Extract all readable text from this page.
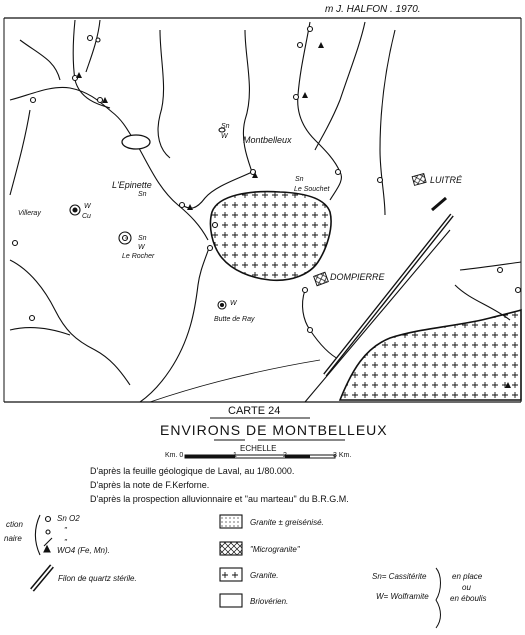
m J. HALFON . 1970.
Sn
W Montbelleux
L'Epinette
Sn
Villeray
W
Cu
Sn
W
Le Rocher
Sn
Le Souchet
LUITRÉ
DOMPIERRE
W
Butte de Ray
CARTE 24
ENVIRONS DE MONTBELLEUX
ECHELLE
Km. 0	1	2	3 Km.
D'après la feuille géologique de Laval, au 1/80.000.
D'après la note de F.Kerforne.
D'après la prospection alluvionnaire et "au marteau" du B.R.G.M.
ction
naire
Sn O2
"
"
WO4 (Fe, Mn).
Filon de quartz stérile.
Granite ± greisénisé.
"Microgranite"
Granite.
Briovérien.
Sn= Cassitérite
W= Wolframite
en place
ou
en éboulis
